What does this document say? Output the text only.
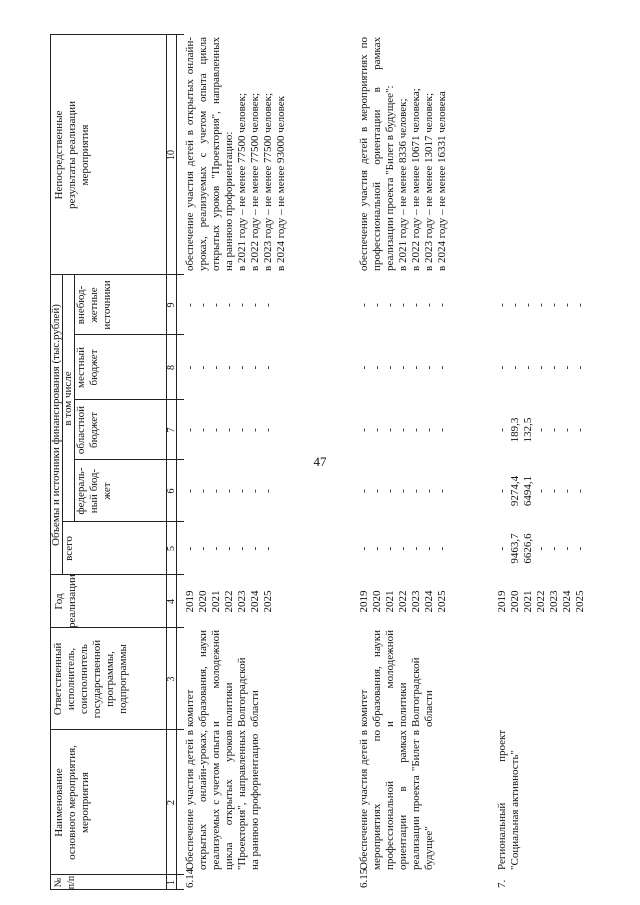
47
№
п/п
Наименование
основного мероприятия,
мероприятия
Ответственный
исполнитель,
соисполнитель
государственной
программы,
подпрограммы
Год
реализации
Объемы и источники финансирования (тыс.рублей)
всего
в том числе
федераль-
ный бюд-
жет
областной
бюджет
местный
бюджет
внебюд-
жетные
источники
Непосредственные
результаты реализации
мероприятия
1
2
3
4
5
6
7
8
9
10
6.14.
Обеспечение участия детей в открытых онлайн-уроках, реализуемых с учетом опыта цикла открытых уроков "Проектория", направленных на раннюю профориентацию
комитет образования, науки и молодежной политики Волгоградской области
2019
2020
2021
2022
2023
2024
2025
-
-
-
-
-
-
-
-
-
-
-
-
-
-
-
-
-
-
-
-
-
-
-
-
-
-
-
-
-
-
-
-
-
-
-
обеспечение участия детей в открытых онлайн-уроках, реализуемых с учетом опыта цикла открытых уроков "Проектория", направленных на раннюю профориентацию:
в 2021 году – не менее 77500 человек;
в 2022 году – не менее 77500 человек;
в 2023 году – не менее 77500 человек;
в 2024 году – не менее 93000 человек
6.15.
Обеспечение участия детей в мероприятиях по профессиональной ориентации в рамках реализации проекта "Билет в будущее"
комитет образования, науки и молодежной политики Волгоградской области
2019
2020
2021
2022
2023
2024
2025
-
-
-
-
-
-
-
-
-
-
-
-
-
-
-
-
-
-
-
-
-
-
-
-
-
-
-
-
-
-
-
-
-
-
-
обеспечение участия детей в мероприятиях по профессиональной ориентации в рамках реализации проекта "Билет в будущее":
в 2021 году – не менее 8336 человек;
в 2022 году – не менее 10671 человека;
в 2023 году – не менее 13017 человек;
в 2024 году – не менее 16331 человека
7.
Региональный проект "Социальная активность"
2019
2020
2021
2022
2023
2024
2025
-
9463,7
6626,6
-
-
-
-
-
9274,4
6494,1
-
-
-
-
-
189,3
132,5
-
-
-
-
-
-
-
-
-
-
-
-
-
-
-
-
-
-
